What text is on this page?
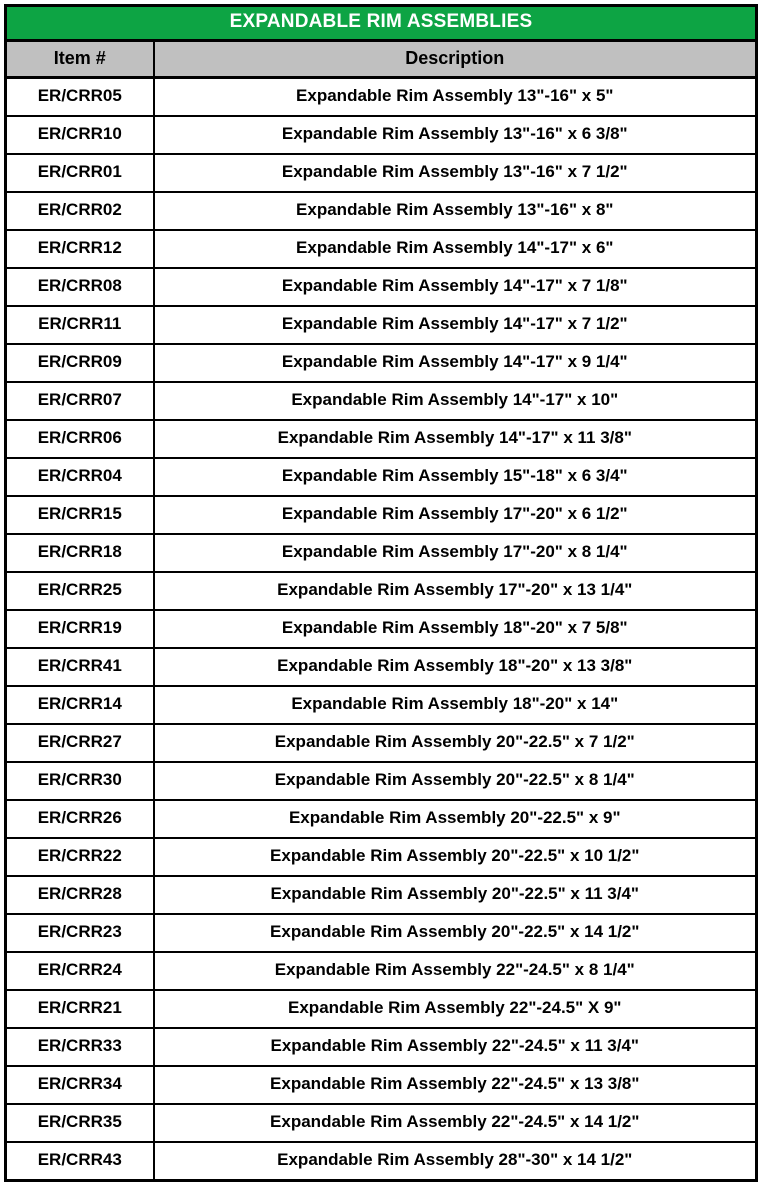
EXPANDABLE RIM ASSEMBLIES	
Item #	Description
ER/CRR05	Expandable Rim Assembly 13"-16" x 5"
ER/CRR10	Expandable Rim Assembly 13"-16" x 6 3/8"
ER/CRR01	Expandable Rim Assembly 13"-16" x 7 1/2"
ER/CRR02	Expandable Rim Assembly 13"-16" x 8"
ER/CRR12	Expandable Rim Assembly 14"-17" x 6"
ER/CRR08	Expandable Rim Assembly 14"-17" x 7 1/8"
ER/CRR11	Expandable Rim Assembly 14"-17" x 7 1/2"
ER/CRR09	Expandable Rim Assembly 14"-17" x 9 1/4"
ER/CRR07	Expandable Rim Assembly 14"-17" x 10"
ER/CRR06	Expandable Rim Assembly 14"-17" x 11 3/8"
ER/CRR04	Expandable Rim Assembly 15"-18" x 6 3/4"
ER/CRR15	Expandable Rim Assembly 17"-20" x 6 1/2"
ER/CRR18	Expandable Rim Assembly 17"-20" x 8 1/4"
ER/CRR25	Expandable Rim Assembly 17"-20" x 13 1/4"
ER/CRR19	Expandable Rim Assembly 18"-20" x 7 5/8"
ER/CRR41	Expandable Rim Assembly 18"-20" x 13 3/8"
ER/CRR14	Expandable Rim Assembly 18"-20" x 14"
ER/CRR27	Expandable Rim Assembly 20"-22.5" x 7 1/2"
ER/CRR30	Expandable Rim Assembly 20"-22.5" x 8 1/4"
ER/CRR26	Expandable Rim Assembly 20"-22.5" x 9"
ER/CRR22	Expandable Rim Assembly 20"-22.5" x 10 1/2"
ER/CRR28	Expandable Rim Assembly 20"-22.5" x 11 3/4"
ER/CRR23	Expandable Rim Assembly 20"-22.5" x 14 1/2"
ER/CRR24	Expandable Rim Assembly 22"-24.5" x 8 1/4"
ER/CRR21	Expandable Rim Assembly 22"-24.5" X 9"
ER/CRR33	Expandable Rim Assembly 22"-24.5" x 11 3/4"
ER/CRR34	Expandable Rim Assembly 22"-24.5" x 13 3/8"
ER/CRR35	Expandable Rim Assembly 22"-24.5" x 14 1/2"
ER/CRR43	Expandable Rim Assembly 28"-30" x 14 1/2"
